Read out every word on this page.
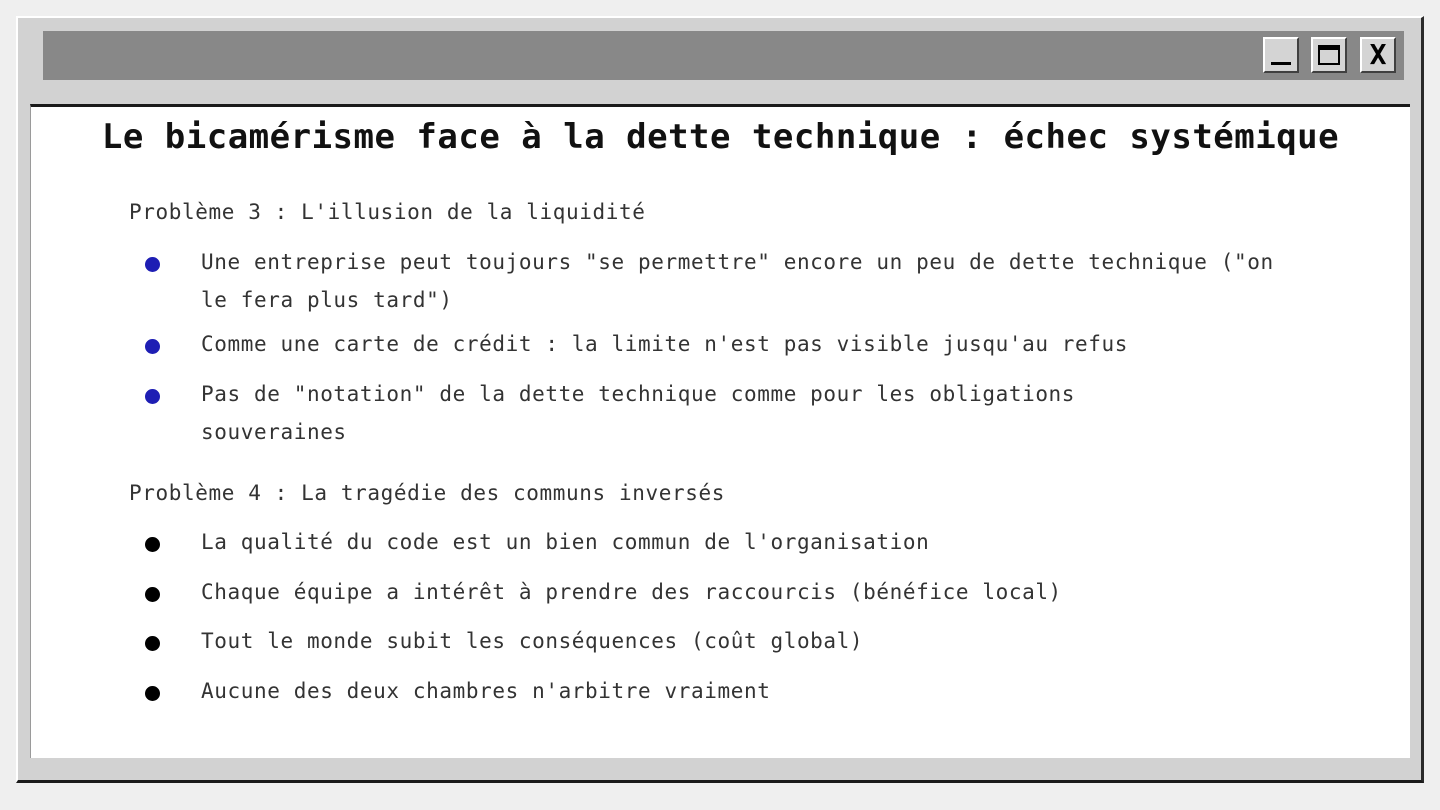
X
Le bicamérisme face à la dette technique : échec systémique
Problème 3 : L'illusion de la liquidité
Une entreprise peut toujours "se permettre" encore un peu de dette technique ("on le fera plus tard")
Comme une carte de crédit : la limite n'est pas visible jusqu'au refus
Pas de "notation" de la dette technique comme pour les obligations souveraines
Problème 4 : La tragédie des communs inversés
La qualité du code est un bien commun de l'organisation
Chaque équipe a intérêt à prendre des raccourcis (bénéfice local)
Tout le monde subit les conséquences (coût global)
Aucune des deux chambres n'arbitre vraiment
